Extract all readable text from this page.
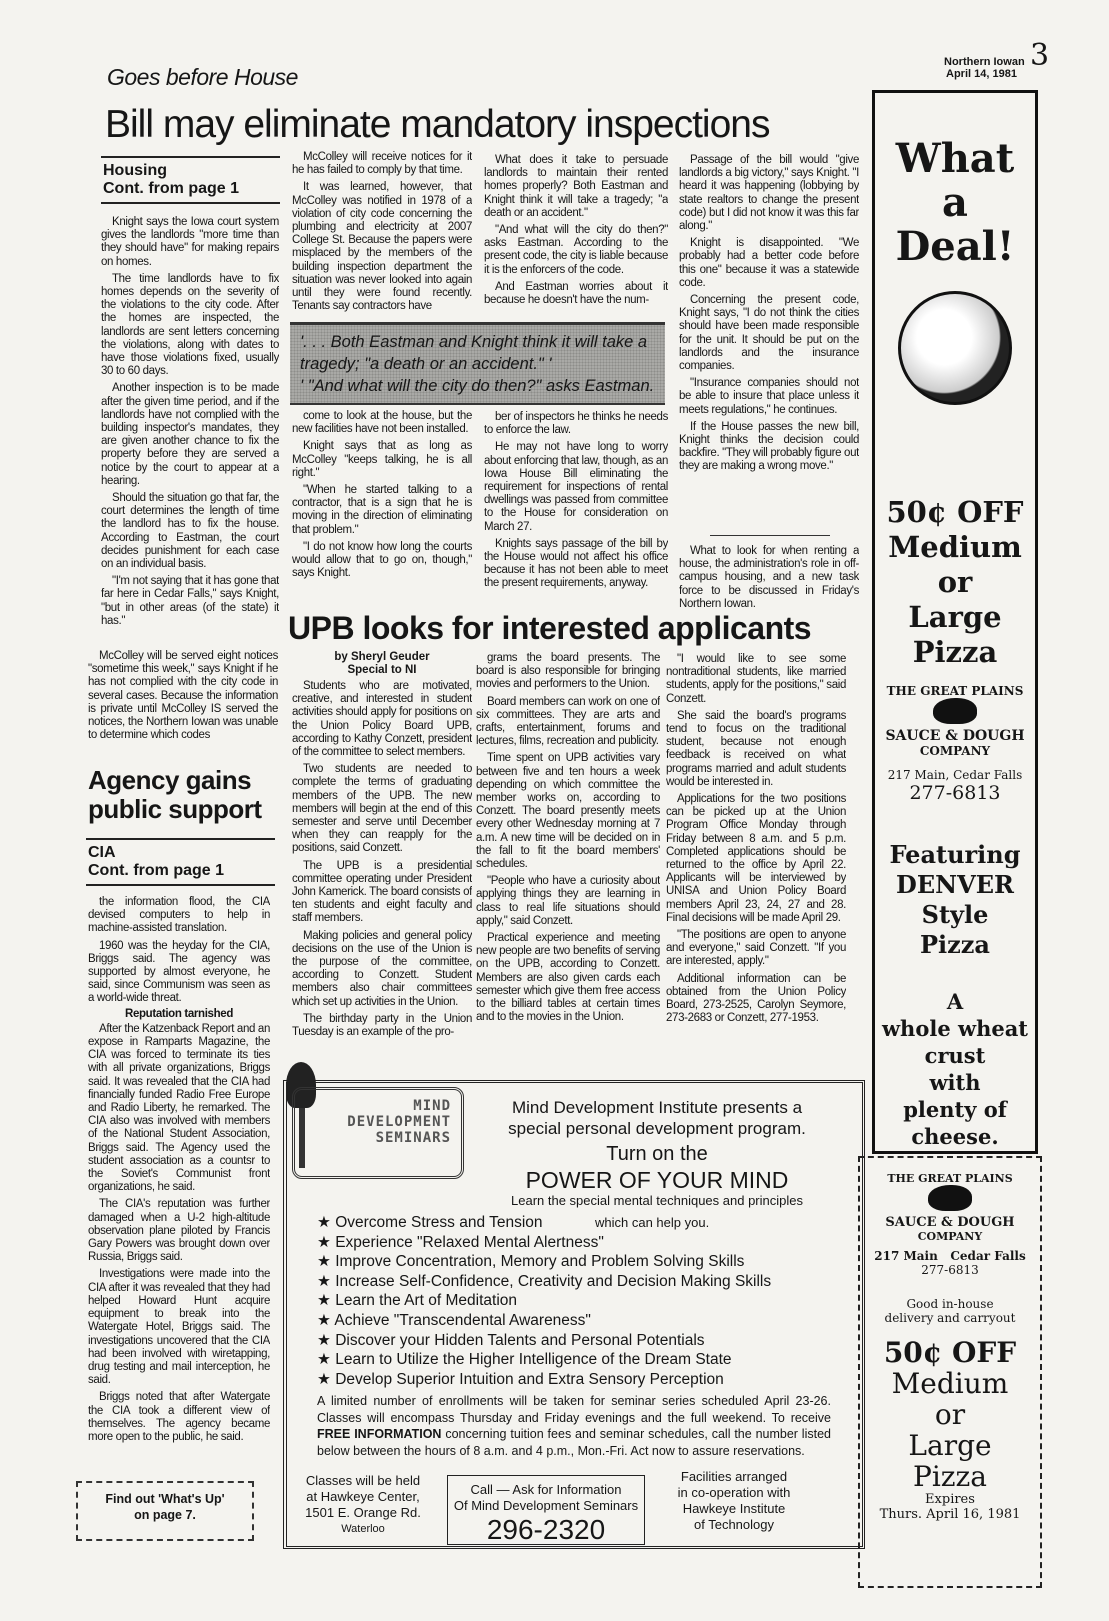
Northern Iowan
April 14, 1981
3
Goes before House
Bill may eliminate mandatory inspections
Housing
Cont. from page 1

Knight says the Iowa court system gives the landlords "more time than they should have" for making repairs on homes.

The time landlords have to fix homes depends on the severity of the violations to the city code. After the homes are inspected, the landlords are sent letters concerning the violations, along with dates to have those violations fixed, usually 30 to 60 days.

Another inspection is to be made after the given time period, and if the landlords have not complied with the building inspector's mandates, they are given another chance to fix the property before they are served a notice by the court to appear at a hearing.

Should the situation go that far, the court determines the length of time the landlord has to fix the house. According to Eastman, the court decides punishment for each case on an individual basis.

"I'm not saying that it has gone that far here in Cedar Falls," says Knight, "but in other areas (of the state) it has."

McColley will be served eight notices "sometime this week," says Knight if he has not complied with the city code in several cases. Because the information is private until McColley IS served the notices, the Northern Iowan was unable to determine which codes

McColley will receive notices for it he has failed to comply by that time.

It was learned, however, that McColley was notified in 1978 of a violation of city code concerning the plumbing and electricity at 2007 College St. Because the papers were misplaced by the members of the building inspection department the situation was never looked into again until they were found recently. Tenants say contractors have

What does it take to persuade landlords to maintain their rented homes properly? Both Eastman and Knight think it will take a tragedy; "a death or an accident."

"And what will the city do then?" asks Eastman. According to the present code, the city is liable because it is the enforcers of the code.

And Eastman worries about it because he doesn't have the num-

'. . . Both Eastman and Knight think it will take a tragedy; "a death or an accident." '
' "And what will the city do then?" asks Eastman.

come to look at the house, but the new facilities have not been installed.

Knight says that as long as McColley "keeps talking, he is all right."

"When he started talking to a contractor, that is a sign that he is moving in the direction of eliminating that problem."

"I do not know how long the courts would allow that to go on, though," says Knight.

ber of inspectors he thinks he needs to enforce the law.

He may not have long to worry about enforcing that law, though, as an Iowa House Bill eliminating the requirement for inspections of rental dwellings was passed from committee to the House for consideration on March 27.

Knights says passage of the bill by the House would not affect his office because it has not been able to meet the present requirements, anyway.

Passage of the bill would "give landlords a big victory," says Knight. "I heard it was happening (lobbying by state realtors to change the present code) but I did not know it was this far along."

Knight is disappointed. "We probably had a better code before this one" because it was a statewide code.

Concerning the present code, Knight says, "I do not think the cities should have been made responsible for the unit. It should be put on the landlords and the insurance companies.

"Insurance companies should not be able to insure that place unless it meets regulations," he continues.

If the House passes the new bill, Knight thinks the decision could backfire. "They will probably figure out they are making a wrong move."

What to look for when renting a house, the administration's role in off-campus housing, and a new task force to be discussed in Friday's Northern Iowan.

UPB looks for interested applicants
by Sheryl Geuder
Special to NI

Students who are motivated, creative, and interested in student activities should apply for positions on the Union Policy Board UPB, according to Kathy Conzett, president of the committee to select members.

Two students are needed to complete the terms of graduating members of the UPB. The new members will begin at the end of this semester and serve until December when they can reapply for the positions, said Conzett.

The UPB is a presidential committee operating under President John Kamerick. The board consists of ten students and eight faculty and staff members.

Making policies and general policy decisions on the use of the Union is the purpose of the committee, according to Conzett. Student members also chair committees which set up activities in the Union.

The birthday party in the Union Tuesday is an example of the pro-

grams the board presents. The board is also responsible for bringing movies and performers to the Union.

Board members can work on one of six committees. They are arts and crafts, entertainment, forums and lectures, films, recreation and publicity.

Time spent on UPB activities vary between five and ten hours a week depending on which committee the member works on, according to Conzett. The board presently meets every other Wednesday morning at 7 a.m. A new time will be decided on in the fall to fit the board members' schedules.

"People who have a curiosity about applying things they are learning in class to real life situations should apply," said Conzett.

Practical experience and meeting new people are two benefits of serving on the UPB, according to Conzett. Members are also given cards each semester which give them free access to the billiard tables at certain times and to the movies in the Union.

"I would like to see some nontraditional students, like married students, apply for the positions," said Conzett.

She said the board's programs tend to focus on the traditional student, because not enough feedback is received on what programs married and adult students would be interested in.

Applications for the two positions can be picked up at the Union Program Office Monday through Friday between 8 a.m. and 5 p.m. Completed applications should be returned to the office by April 22. Applicants will be interviewed by UNISA and Union Policy Board members April 23, 24, 27 and 28. Final decisions will be made April 29.

"The positions are open to anyone and everyone," said Conzett. "If you are interested, apply."

Additional information can be obtained from the Union Policy Board, 273-2525, Carolyn Seymore, 273-2683 or Conzett, 277-1953.

Agency gains
public support
CIA
Cont. from page 1

the information flood, the CIA devised computers to help in machine-assisted translation.

1960 was the heyday for the CIA, Briggs said. The agency was supported by almost everyone, he said, since Communism was seen as a world-wide threat.

Reputation tarnished

After the Katzenback Report and an expose in Ramparts Magazine, the CIA was forced to terminate its ties with all private organizations, Briggs said. It was revealed that the CIA had financially funded Radio Free Europe and Radio Liberty, he remarked. The CIA also was involved with members of the National Student Association, Briggs said. The Agency used the student association as a countsr to the Soviet's Communist front organizations, he said.

The CIA's reputation was further damaged when a U-2 high-altitude observation plane piloted by Francis Gary Powers was brought down over Russia, Briggs said.

Investigations were made into the CIA after it was revealed that they had helped Howard Hunt acquire equipment to break into the Watergate Hotel, Briggs said. The investigations uncovered that the CIA had been involved with wiretapping, drug testing and mail interception, he said.

Briggs noted that after Watergate the CIA took a different view of themselves. The agency became more open to the public, he said.

Find out 'What's Up'
on page 7.
MIND
DEVELOPMENT
SEMINARS
Mind Development Institute presents a
special personal development program.
Turn on the
POWER OF YOUR MIND
Learn the special mental techniques and principles
which can help you.
★ Overcome Stress and Tension
★ Experience "Relaxed Mental Alertness"
★ Improve Concentration, Memory and Problem Solving Skills
★ Increase Self-Confidence, Creativity and Decision Making Skills
★ Learn the Art of Meditation
★ Achieve "Transcendental Awareness"
★ Discover your Hidden Talents and Personal Potentials
★ Learn to Utilize the Higher Intelligence of the Dream State
★ Develop Superior Intuition and Extra Sensory Perception
A limited number of enrollments will be taken for seminar series scheduled April 23-26. Classes will encompass Thursday and Friday evenings and the full weekend. To receive FREE INFORMATION concerning tuition fees and seminar schedules, call the number listed below between the hours of 8 a.m. and 4 p.m., Mon.-Fri. Act now to assure reservations.
Classes will be held
at Hawkeye Center,
1501 E. Orange Rd.
Waterloo
Call — Ask for Information
Of Mind Development Seminars
296-2320
Facilities arranged
in co-operation with
Hawkeye Institute
of Technology
What
a
Deal!
50¢ OFF
Medium
or
Large
Pizza
THE GREAT PLAINS
SAUCE & DOUGH
COMPANY
217 Main, Cedar Falls
277-6813
Featuring
DENVER
Style
Pizza
A
whole wheat
crust
with
plenty of
cheese.
THE GREAT PLAINS
SAUCE & DOUGH
COMPANY
217 Main Cedar Falls
277-6813
Good in-house
delivery and carryout
50¢ OFF
Medium
or
Large
Pizza
Expires
Thurs. April 16, 1981
